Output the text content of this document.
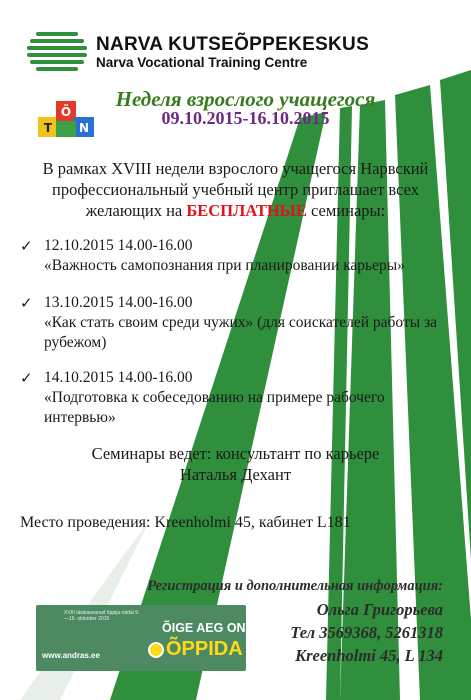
NARVA KUTSEÕPPEKESKUS
Narva Vocational Training Centre
T
Õ
N
Неделя взрослого учащегося
09.10.2015-16.10.2015
В рамках XVIII недели взрослого учащегося Нарвский профессиональный учебный центр приглашает всех желающих на БЕСПЛАТНЫЕ семинары:
✓ 12.10.2015 14.00-16.00
«Важность самопознания при планировании карьеры»
✓ 13.10.2015 14.00-16.00
«Как стать своим среди чужих» (для соискателей работы за рубежом)
✓ 14.10.2015 14.00-16.00
«Подготовка к собеседованию на примере рабочего интервью»
Семинары ведет: консультант по карьере
Наталья Дехант
Место проведения: Kreenholmi 45, кабинет L181
Регистрация и дополнительная информация:
Ольга Григорьева
Тел 3569368, 5261318
Kreenholmi 45, L 134
XVIII täiskasvanud õppija nädal 9.—16. oktoober 2015
www.andras.ee
ÕIGE AEG ON
ÕPPIDA
